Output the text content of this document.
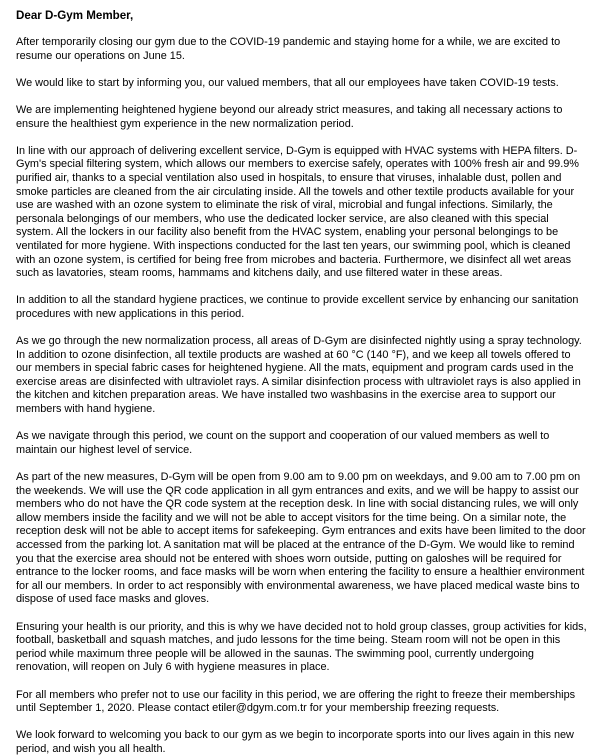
Dear D-Gym Member,

After temporarily closing our gym due to the COVID-19 pandemic and staying home for a while, we are excited to resume our operations on June 15.

We would like to start by informing you, our valued members, that all our employees have taken COVID-19 tests.

We are implementing heightened hygiene beyond our already strict measures, and taking all necessary actions to ensure the healthiest gym experience in the new normalization period.

In line with our approach of delivering excellent service, D-Gym is equipped with HVAC systems with HEPA filters. D-Gym's special filtering system, which allows our members to exercise safely, operates with 100% fresh air and 99.9% purified air, thanks to a special ventilation also used in hospitals, to ensure that viruses, inhalable dust, pollen and smoke particles are cleaned from the air circulating inside. All the towels and other textile products available for your use are washed with an ozone system to eliminate the risk of viral, microbial and fungal infections. Similarly, the personala belongings of our members, who use the dedicated locker service, are also cleaned with this special system. All the lockers in our facility also benefit from the HVAC system, enabling your personal belongings to be ventilated for more hygiene. With inspections conducted for the last ten years, our swimming pool, which is cleaned with an ozone system, is certified for being free from microbes and bacteria. Furthermore, we disinfect all wet areas such as lavatories, steam rooms, hammams and kitchens daily, and use filtered water in these areas.

In addition to all the standard hygiene practices, we continue to provide excellent service by enhancing our sanitation procedures with new applications in this period.

As we go through the new normalization process, all areas of D-Gym are disinfected nightly using a spray technology. In addition to ozone disinfection, all textile products are washed at 60 °C (140 °F), and we keep all towels offered to our members in special fabric cases for heightened hygiene. All the mats, equipment and program cards used in the exercise areas are disinfected with ultraviolet rays. A similar disinfection process with ultraviolet rays is also applied in the kitchen and kitchen preparation areas. We have installed two washbasins in the exercise area to support our members with hand hygiene.

As we navigate through this period, we count on the support and cooperation of our valued members as well to maintain our highest level of service.

As part of the new measures, D-Gym will be open from 9.00 am to 9.00 pm on weekdays, and 9.00 am to 7.00 pm on the weekends. We will use the QR code application in all gym entrances and exits, and we will be happy to assist our members who do not have the QR code system at the reception desk. In line with social distancing rules, we will only allow members inside the facility and we will not be able to accept visitors for the time being. On a similar note, the reception desk will not be able to accept items for safekeeping. Gym entrances and exits have been limited to the door accessed from the parking lot. A sanitation mat will be placed at the entrance of the D-Gym. We would like to remind you that the exercise area should not be entered with shoes worn outside, putting on galoshes will be required for entrance to the locker rooms, and face masks will be worn when entering the facility to ensure a healthier environment for all our members. In order to act responsibly with environmental awareness, we have placed medical waste bins to dispose of used face masks and gloves.

Ensuring your health is our priority, and this is why we have decided not to hold group classes, group activities for kids, football, basketball and squash matches, and judo lessons for the time being. Steam room will not be open in this period while maximum three people will be allowed in the saunas. The swimming pool, currently undergoing renovation, will reopen on July 6 with hygiene measures in place.

For all members who prefer not to use our facility in this period, we are offering the right to freeze their memberships until September 1, 2020. Please contact etiler@dgym.com.tr for your membership freezing requests.

We look forward to welcoming you back to our gym as we begin to incorporate sports into our lives again in this new period, and wish you all health.
